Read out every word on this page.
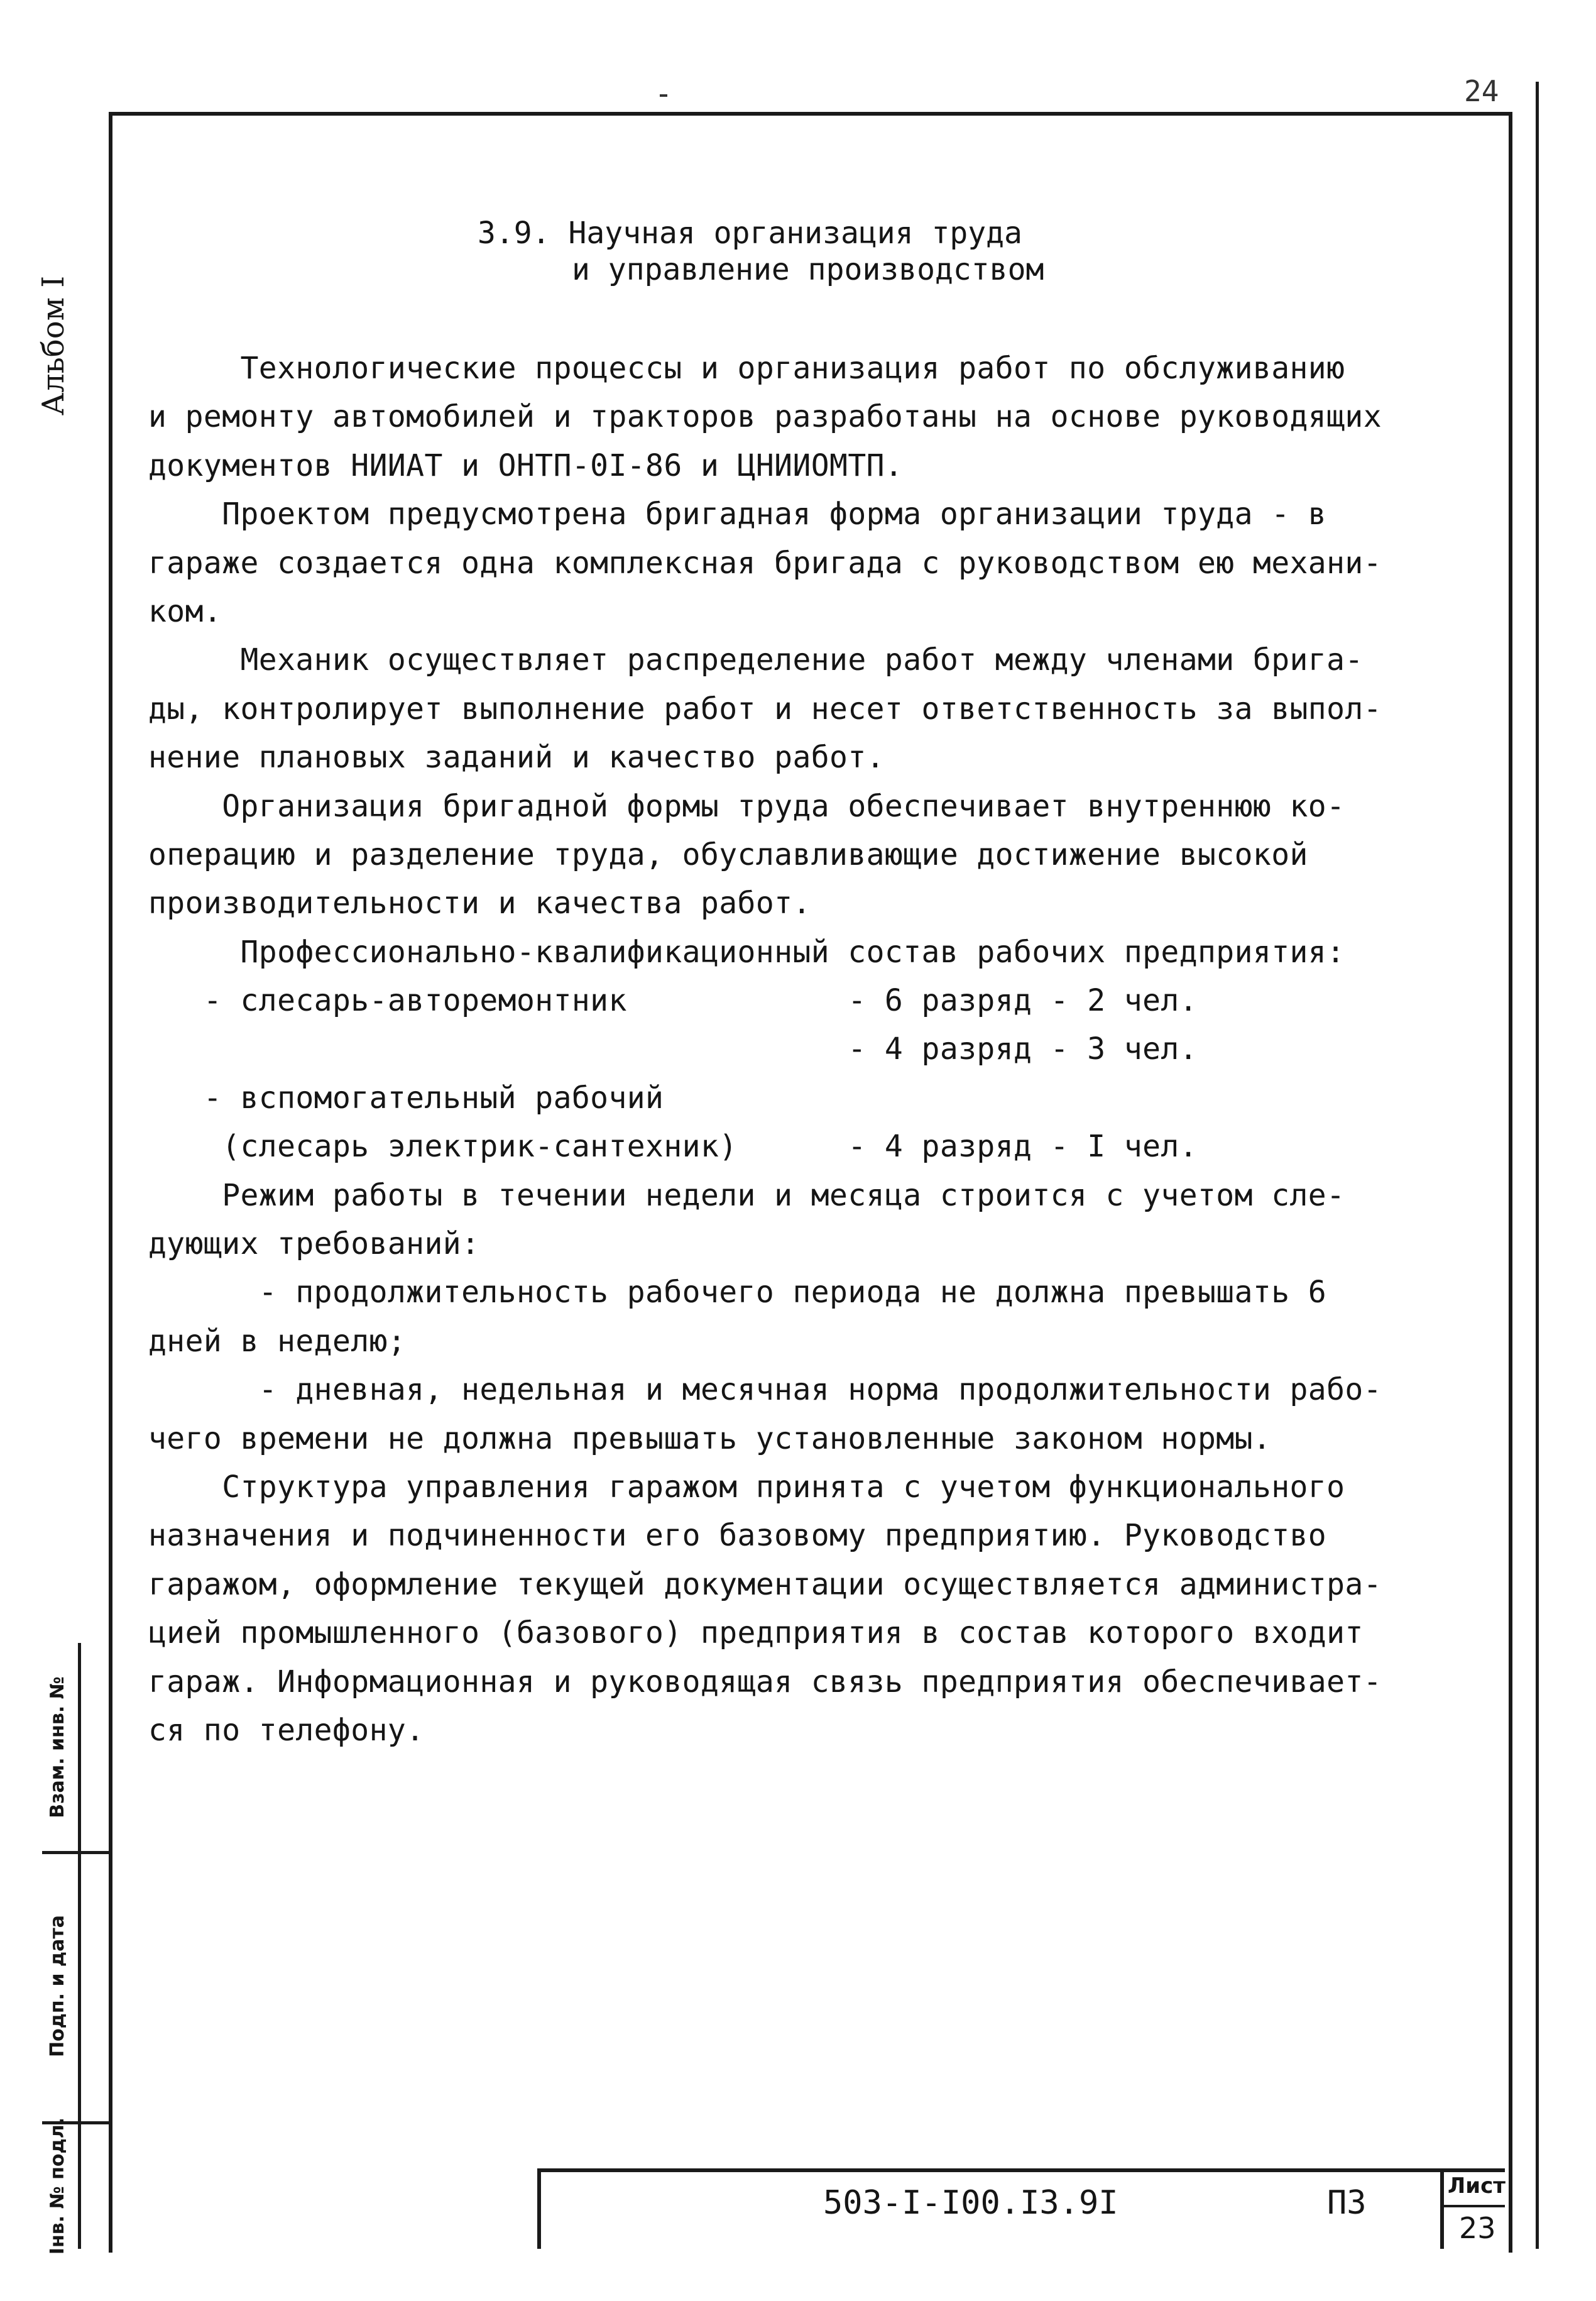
24
Альбом I
Взам. инв. №
Подп. и дата
Інв. № подл.
3.9. Научная организация труда
и управление производством
Технологические процессы и организация работ по обслуживанию
и ремонту автомобилей и тракторов разработаны на основе руководящих
документов НИИАТ и ОНТП-0I-86 и ЦНИИОМТП.
Проектом предусмотрена бригадная форма организации труда - в
гараже создается одна комплексная бригада с руководством ею механи-
ком.
Механик осуществляет распределение работ между членами бригa-
ды, контролирует выполнение работ и несет ответственность за выпол-
нение плановых заданий и качество работ.
Организация бригадной формы труда обеспечивает внутреннюю ко-
операцию и разделение труда, обуславливающие достижение высокой
производительности и качества работ.
Профессионально-квалификационный состав рабочих предприятия:
- слесарь-авторемонтник            - 6 разряд - 2 чел.
- 4 разряд - 3 чел.
- вспомогательный рабочий
(слесарь электрик-сантехник)      - 4 разряд - I чел.
Режим работы в течении недели и месяца строится с учетом сле-
дующих требований:
- продолжительность рабочего периода не должна превышать 6
дней в неделю;
- дневная, недельная и месячная норма продолжительности рабо-
чего времени не должна превышать установленные законом нормы.
Структура управления гаражом принята с учетом функционального
назначения и подчиненности его базовому предприятию. Руководство
гаражом, оформление текущей документации осуществляется администра-
цией промышленного (базового) предприятия в состав которого входит
гараж. Информационная и руководящая связь предприятия обеспечивает-
ся по телефону.
503-I-I00.I3.9I	ПЗ	Лист
23
